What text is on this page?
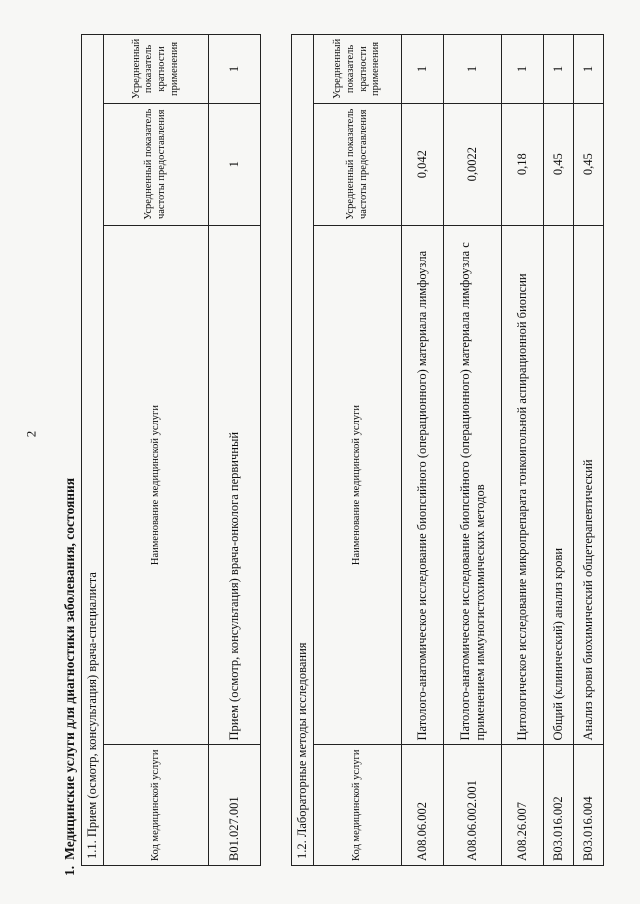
2
1.Медицинские услуги для диагностики заболевания, состояния 1.1. Прием (осмотр, консультация) врача-специалиста			
Код медицинской услуги	Наименование медицинской услуги	Усредненный показатель частоты предоставления	Усредненный показатель кратности применения
B01.027.001	Прием (осмотр, консультация) врача-онколога первичный	1	1
1.2. Лабораторные методы исследования			
Код медицинской услуги	Наименование медицинской услуги	Усредненный показатель частоты предоставления	Усредненный показатель кратности применения
A08.06.002	Патолого-анатомическое исследование биопсийного (операционного) материала лимфоузла	0,042	1
A08.06.002.001	Патолого-анатомическое исследование биопсийного (операционного) материала лимфоузла с применением иммуногистохимических методов	0,0022	1
A08.26.007	Цитологическое исследование микропрепарата тонкоигольной аспирационной биопсии	0,18	1
B03.016.002	Общий (клинический) анализ крови	0,45	1
B03.016.004	Анализ крови биохимический общетерапевтический	0,45	1
